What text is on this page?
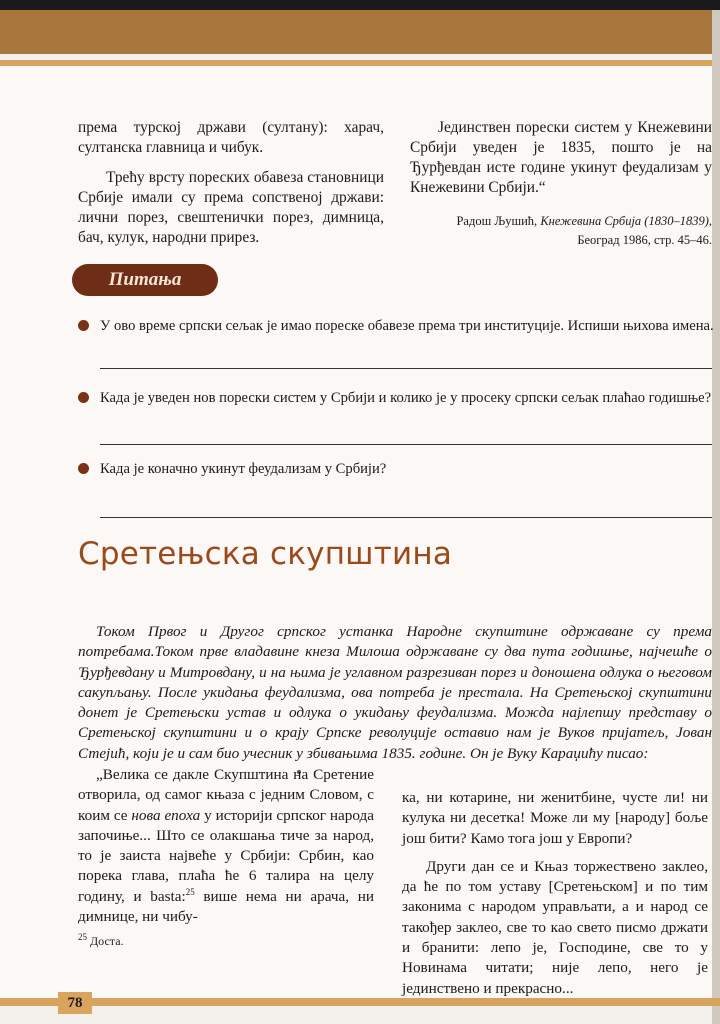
према турској држави (султану): харач, султанска главница и чибук.

Трећу врсту пореских обавеза становници Србије имали су према сопственој држави: лични порез, свештенички порез, димница, бач, кулук, народни прирез.

Јединствен порески систем у Кнежевини Србији уведен је 1835, пошто је на Ђурђевдан исте године укинут феудализам у Кнежевини Србији.“

Радош Љушић, Кнежевина Србија (1830–1839),

Београд 1986, стр. 45–46.

Питања
У ово време српски сељак је имао пореске обавезе према три институције. Испиши њихова имена.
Када је уведен нов порески систем у Србији и колико је у просеку српски сељак плаћао годишње?
Када је коначно укинут феудализам у Србији?
Сретењска скупштина

Током Првог и Другог српског устанка Народне скупштине одржаване су према потребама.Током прве владавине кнеза Милоша одржаване су два пута годишње, најчешће о Ђурђевдану и Митровдану, и на њима је углавном разрезиван порез и доношена одлука о његовом сакупљању. После укидања феудализма, ова потреба је престала. На Сретењској скупштини донет је Сретењски устав и одлука о укидању феудализма. Можда најлепшу представу о Сретењској скупштини и о крају Српске револуције оставио нам је Вуков пријатељ, Јован Стејић, који је и сам био учесник у збивањима 1835. године. Он је Вуку Караџићу писао:

„Велика се дакле Скупштина на Сретение отворила, од самог књаза с једним Словом, с коим се нова епоха у историји српског народа започиње... Што се олакшања тиче за народ, то је заиста највеће у Србији: Србин, као порека глава, плаћа ће 6 талира на целу годину, и basta:$^{25}$ више нема ни арача, ни димнице, ни чибу-

ка, ни котарине, ни женитбине, чусте ли! ни кулука ни десетка! Може ли му [народу] боље још бити? Камо тога још у Европи?

Други дан се и Књаз торжествено заклео, да ће по том уставу [Сретењском] и по тим законима с народом управљати, а и народ се такођер заклео, све то као свето писмо држати и бранити: лепо је, Господине, све то у Новинама читати; није лепо, него је јединствено и прекрасно...

$^{25}$ Доста.
78
